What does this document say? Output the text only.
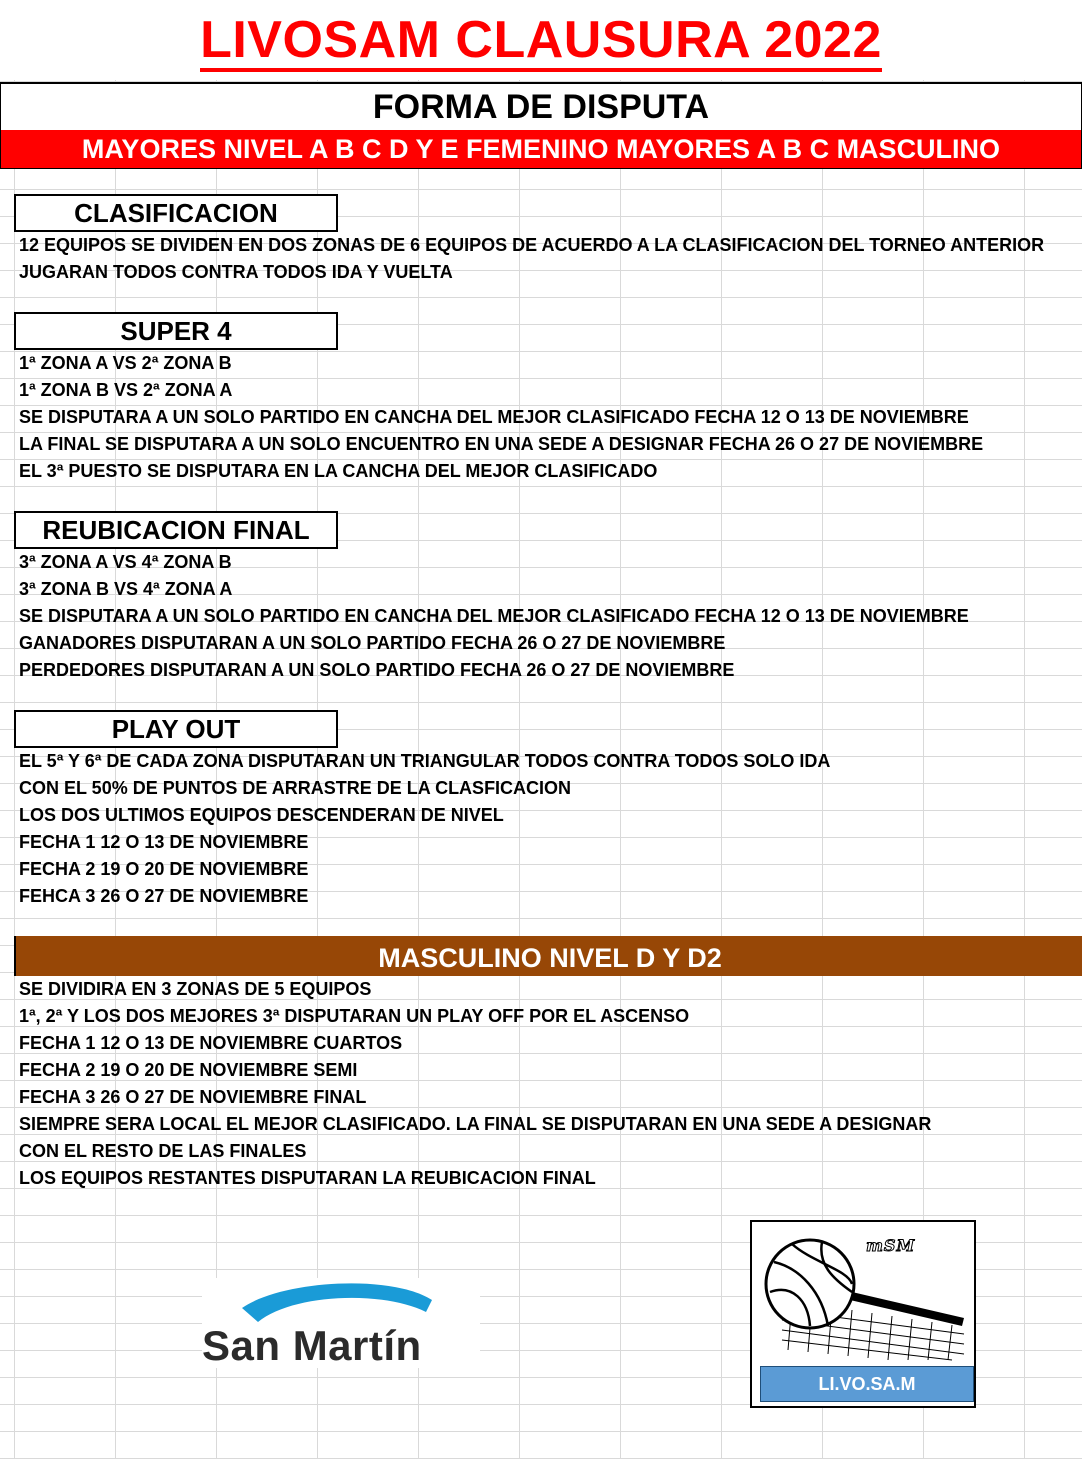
LIVOSAM CLAUSURA 2022
FORMA DE DISPUTA
MAYORES NIVEL A B C D Y E FEMENINO MAYORES A B C MASCULINO
CLASIFICACION
12 EQUIPOS SE DIVIDEN EN DOS ZONAS DE 6 EQUIPOS DE ACUERDO A LA CLASIFICACION DEL TORNEO ANTERIOR
JUGARAN TODOS CONTRA TODOS IDA Y VUELTA
SUPER 4
1ª ZONA A VS 2ª ZONA B
1ª ZONA B VS 2ª ZONA A
SE DISPUTARA A UN SOLO PARTIDO EN CANCHA DEL MEJOR CLASIFICADO FECHA 12 O 13 DE NOVIEMBRE
LA FINAL SE DISPUTARA A UN SOLO ENCUENTRO EN UNA SEDE A DESIGNAR FECHA 26 O 27 DE NOVIEMBRE
EL 3ª PUESTO SE DISPUTARA EN LA CANCHA DEL MEJOR CLASIFICADO
REUBICACION FINAL
3ª ZONA A VS 4ª ZONA B
3ª ZONA B VS 4ª ZONA A
SE DISPUTARA A UN SOLO PARTIDO EN CANCHA DEL MEJOR CLASIFICADO FECHA 12 O 13 DE NOVIEMBRE
GANADORES DISPUTARAN A UN SOLO PARTIDO FECHA 26 O 27 DE NOVIEMBRE
PERDEDORES DISPUTARAN A UN SOLO PARTIDO FECHA 26 O 27 DE NOVIEMBRE
PLAY OUT
EL 5ª Y 6ª DE CADA ZONA DISPUTARAN UN TRIANGULAR TODOS CONTRA TODOS SOLO IDA
CON EL 50% DE PUNTOS DE ARRASTRE DE LA CLASFICACION
LOS DOS ULTIMOS EQUIPOS DESCENDERAN DE NIVEL
FECHA 1 12 O 13 DE NOVIEMBRE
FECHA 2 19 O 20 DE NOVIEMBRE
FEHCA 3 26 O 27 DE NOVIEMBRE
MASCULINO NIVEL D Y D2
SE DIVIDIRA EN 3 ZONAS DE 5 EQUIPOS
1ª, 2ª Y LOS DOS MEJORES 3ª DISPUTARAN UN PLAY OFF POR EL ASCENSO
FECHA 1 12 O 13 DE NOVIEMBRE CUARTOS
FECHA 2 19 O 20 DE NOVIEMBRE SEMI
FECHA 3 26 O 27 DE NOVIEMBRE FINAL
SIEMPRE SERA LOCAL EL MEJOR CLASIFICADO. LA FINAL SE DISPUTARAN EN UNA SEDE A DESIGNAR
CON EL RESTO DE LAS FINALES
LOS EQUIPOS RESTANTES DISPUTARAN LA REUBICACION FINAL
San Martín
mSM
LI.VO.SA.M
